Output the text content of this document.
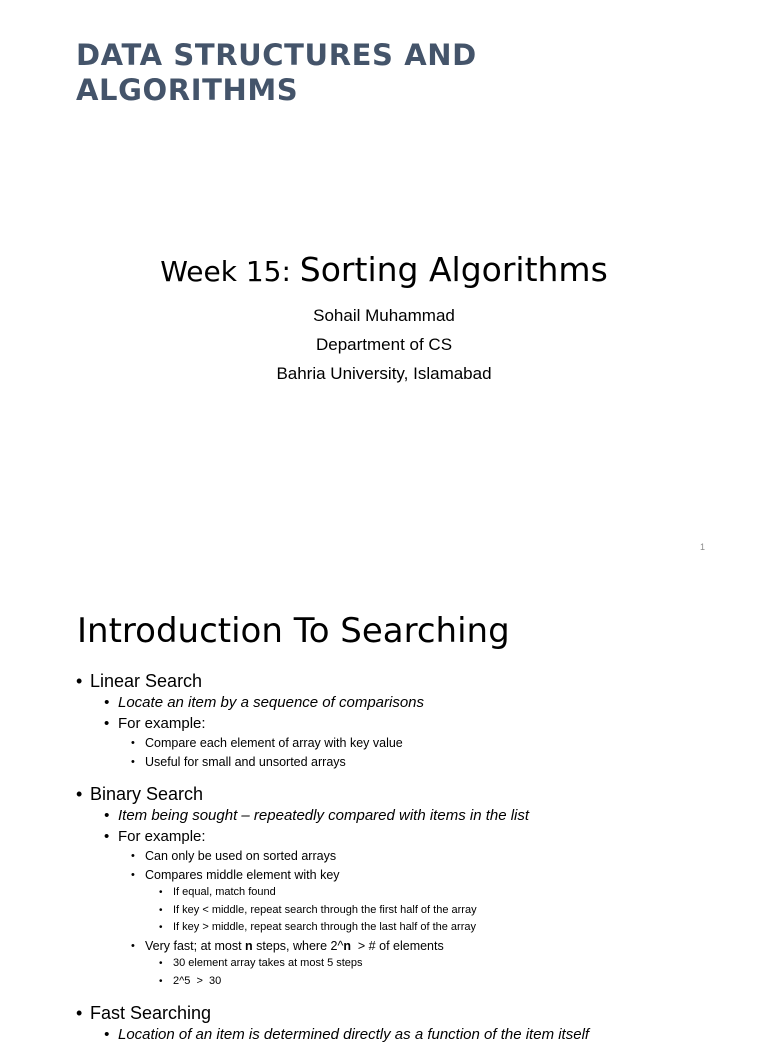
DATA STRUCTURES AND
ALGORITHMS
Week 15: Sorting Algorithms
Sohail Muhammad
Department of CS
Bahria University, Islamabad
1
Introduction To Searching
• Linear Search
• Locate an item by a sequence of comparisons
• For example:
• Compare each element of array with key value
• Useful for small and unsorted arrays
• Binary Search
• Item being sought – repeatedly compared with items in the list
• For example:
• Can only be used on sorted arrays
• Compares middle element with key
• If equal, match found
• If key < middle, repeat search through the first half of the array
• If key > middle, repeat search through the last half of the array
• Very fast; at most n steps, where 2^n  > # of elements
• 30 element array takes at most 5 steps
• 2^5  >  30
• Fast Searching
• Location of an item is determined directly as a function of the item itself
